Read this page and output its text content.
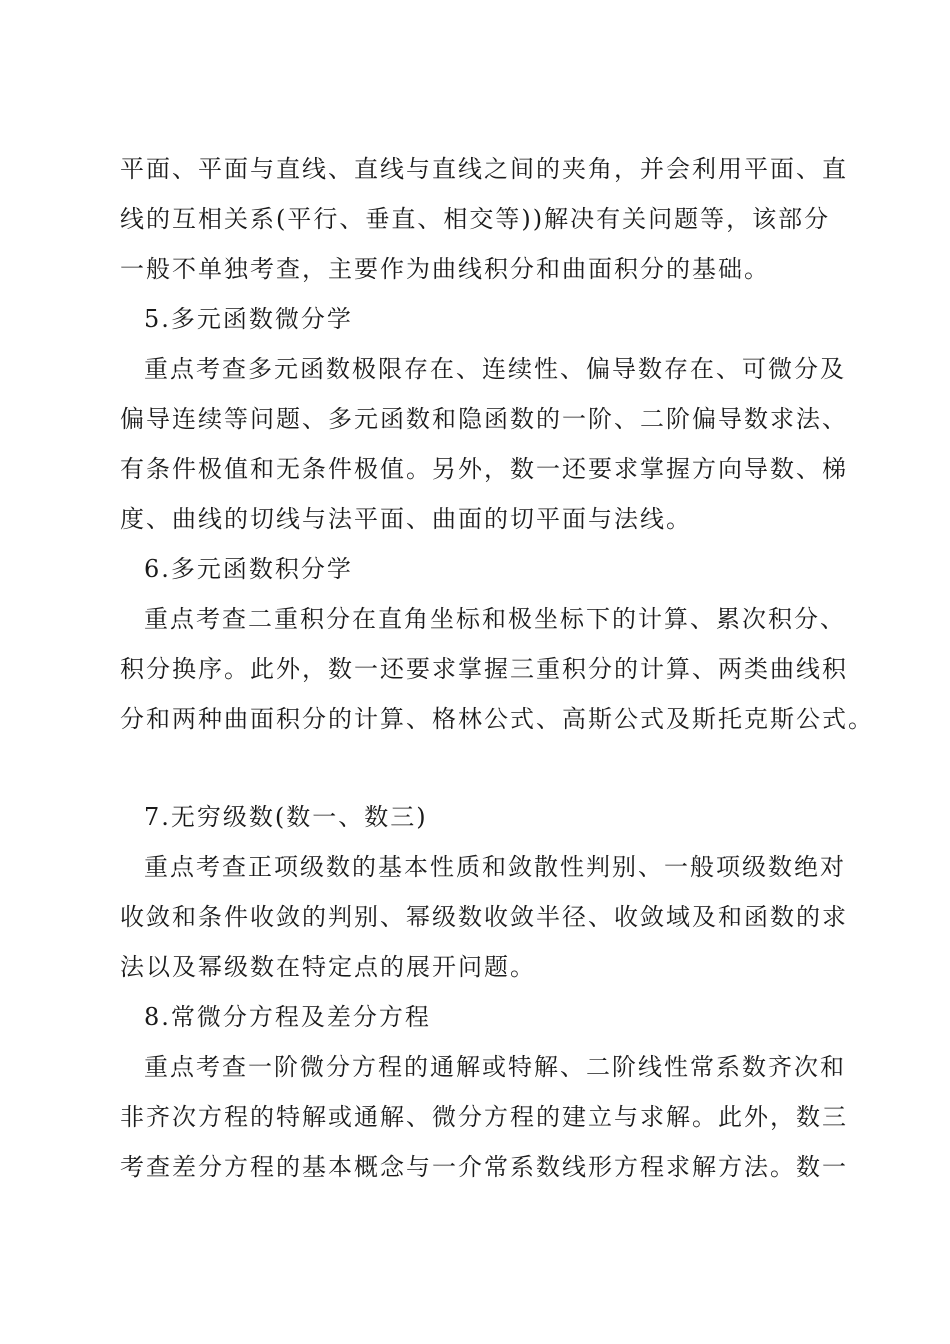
平面、平面与直线、直线与直线之间的夹角，并会利用平面、直
线的互相关系(平行、垂直、相交等))解决有关问题等，该部分
一般不单独考查，主要作为曲线积分和曲面积分的基础。
5.多元函数微分学
重点考查多元函数极限存在、连续性、偏导数存在、可微分及
偏导连续等问题、多元函数和隐函数的一阶、二阶偏导数求法、
有条件极值和无条件极值。另外，数一还要求掌握方向导数、梯
度、曲线的切线与法平面、曲面的切平面与法线。
6.多元函数积分学
重点考查二重积分在直角坐标和极坐标下的计算、累次积分、
积分换序。此外，数一还要求掌握三重积分的计算、两类曲线积
分和两种曲面积分的计算、格林公式、高斯公式及斯托克斯公式。
7.无穷级数(数一、数三)
重点考查正项级数的基本性质和敛散性判别、一般项级数绝对
收敛和条件收敛的判别、幂级数收敛半径、收敛域及和函数的求
法以及幂级数在特定点的展开问题。
8.常微分方程及差分方程
重点考查一阶微分方程的通解或特解、二阶线性常系数齐次和
非齐次方程的特解或通解、微分方程的建立与求解。此外，数三
考查差分方程的基本概念与一介常系数线形方程求解方法。数一
